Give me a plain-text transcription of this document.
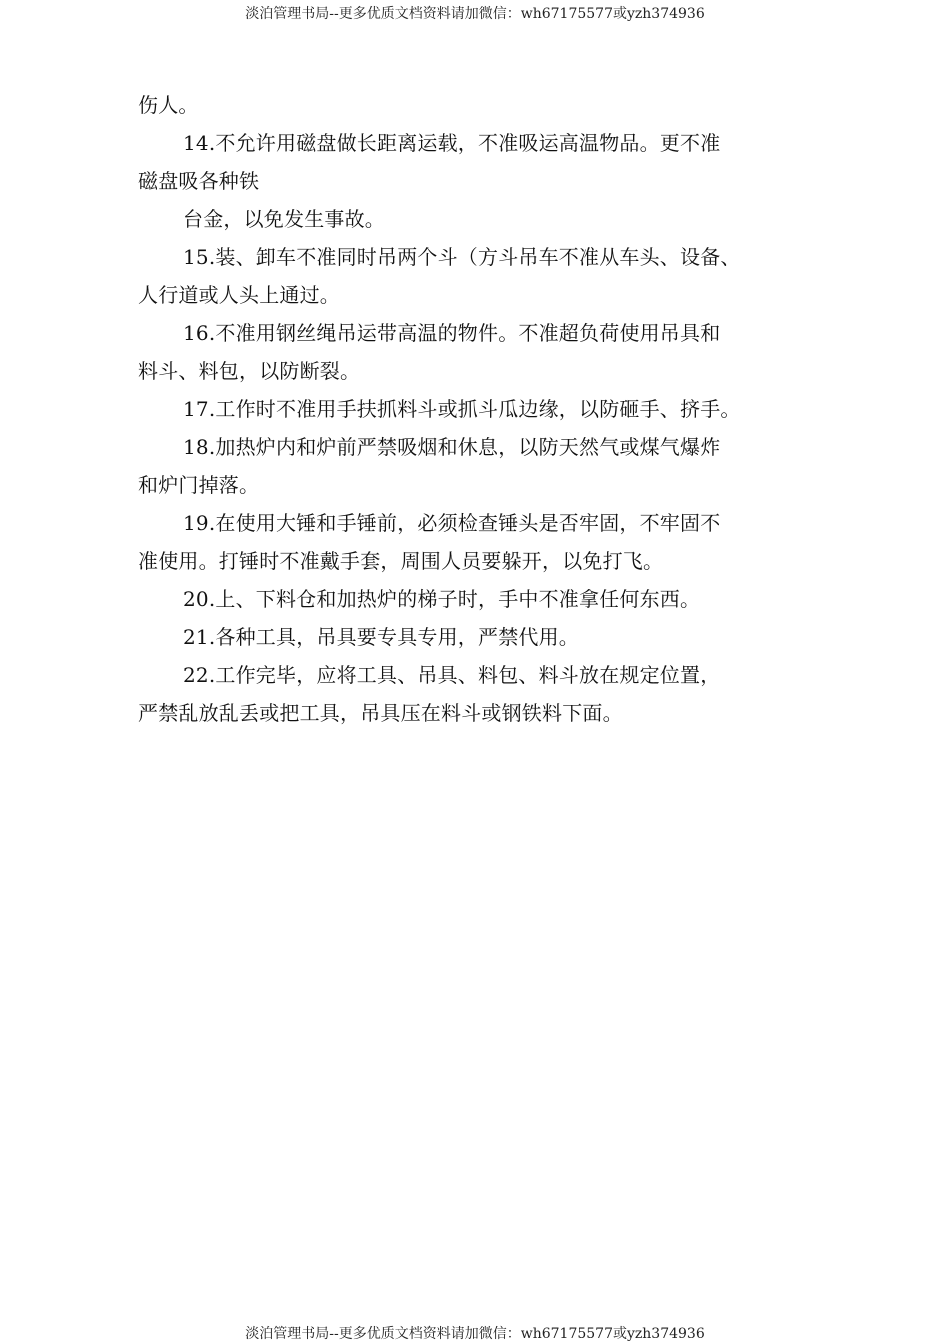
淡泊管理书局--更多优质文档资料请加微信：wh67175577或yzh374936
伤人。
14.不允许用磁盘做长距离运载，不准吸运高温物品。更不准
磁盘吸各种铁
台金，以免发生事故。
15.装、卸车不准同时吊两个斗（方斗吊车不准从车头、设备、
人行道或人头上通过。
16.不准用钢丝绳吊运带高温的物件。不准超负荷使用吊具和
料斗、料包，以防断裂。
17.工作时不准用手扶抓料斗或抓斗瓜边缘，以防砸手、挤手。
18.加热炉内和炉前严禁吸烟和休息，以防天然气或煤气爆炸
和炉门掉落。
19.在使用大锤和手锤前，必须检查锤头是否牢固，不牢固不
准使用。打锤时不准戴手套，周围人员要躲开，以免打飞。
20.上、下料仓和加热炉的梯子时，手中不准拿任何东西。
21.各种工具，吊具要专具专用，严禁代用。
22.工作完毕，应将工具、吊具、料包、料斗放在规定位置，
严禁乱放乱丢或把工具，吊具压在料斗或钢铁料下面。
淡泊管理书局--更多优质文档资料请加微信：wh67175577或yzh374936
